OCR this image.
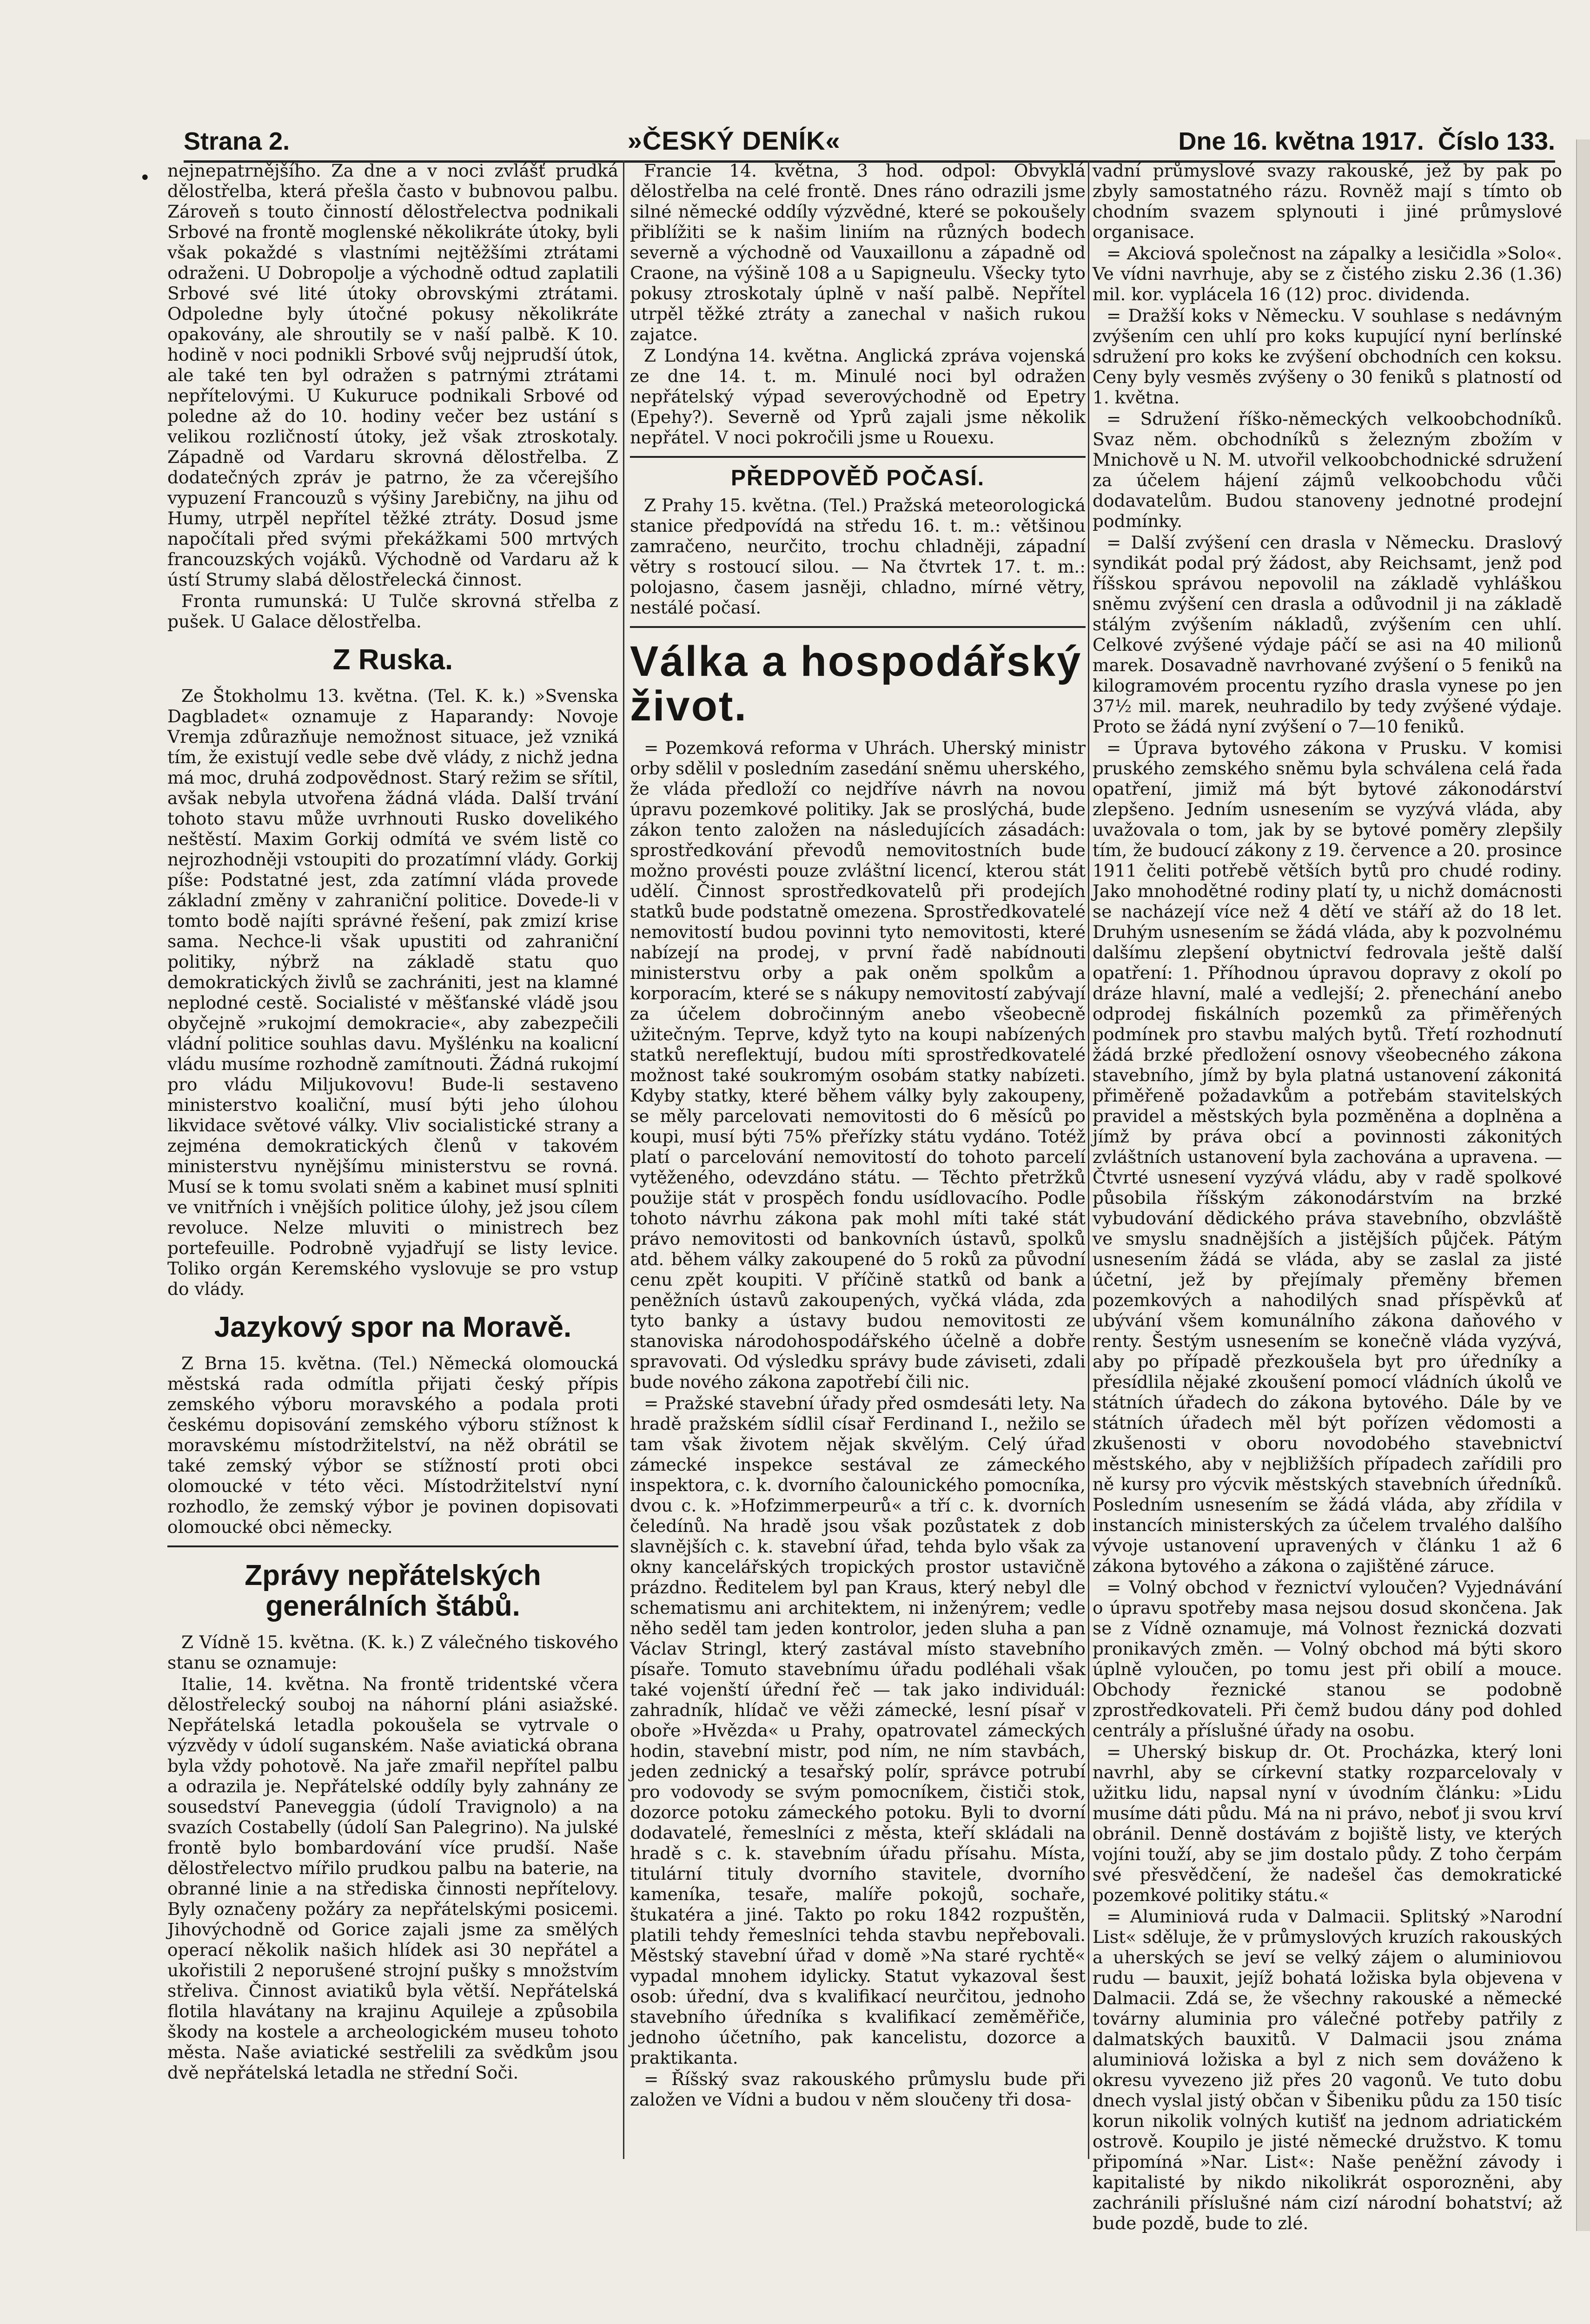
Strana 2.	»ČESKÝ DENÍK«	Dne 16. května 1917. Číslo 133.
• nejnepatrnějšího. Za dne a v noci zvlášť prudká dělostřelba, která přešla často v bubnovou palbu. Zároveň s touto činností dělostřelectva podnikali Srbové na frontě moglenské několikráte útoky, byli však pokaždé s vlastními nejtěžšími ztrátami odraženi. U Dobropolje a východně odtud zaplatili Srbové své lité útoky obrovskými ztrátami. Odpoledne byly útočné pokusy několikráte opakovány, ale shroutily se v naší palbě. K 10. hodině v noci podnikli Srbové svůj nejprudší útok, ale také ten byl odražen s patrnými ztrátami nepřítelovými. U Kukuruce podnikali Srbové od poledne až do 10. hodiny večer bez ustání s velikou rozličností útoky, jež však ztroskotaly. Západně od Vardaru skrovná dělostřelba. Z dodatečných zpráv je patrno, že za včerejšího vypuzení Francouzů s výšiny Jarebičny, na jihu od Humy, utrpěl nepřítel těžké ztráty. Dosud jsme napočítali před svými překážkami 500 mrtvých francouzských vojáků. Východně od Vardaru až k ústí Strumy slabá dělostřelecká činnost.

Fronta rumunská: U Tulče skrovná střelba z pušek. U Galace dělostřelba.

Z Ruska.

Ze Štokholmu 13. května. (Tel. K. k.) »Svenska Dagbladet« oznamuje z Haparandy: Novoje Vremja zdůrazňuje nemožnost situace, jež vzniká tím, že existují vedle sebe dvě vlády, z nichž jedna má moc, druhá zodpovědnost. Starý režim se sřítil, avšak nebyla utvořena žádná vláda. Další trvání tohoto stavu může uvrhnouti Rusko dovelikého neštěstí. Maxim Gorkij odmítá ve svém listě co nejrozhodněji vstoupiti do prozatímní vlády. Gorkij píše: Podstatné jest, zda zatímní vláda provede základní změny v zahraniční politice. Dovede-li v tomto bodě najíti správné řešení, pak zmizí krise sama. Nechce-li však upustiti od zahraniční politiky, nýbrž na základě statu quo demokratických živlů se zachrániti, jest na klamné neplodné cestě. Socialisté v měšťanské vládě jsou obyčejně »rukojmí demokracie«, aby zabezpečili vládní politice souhlas davu. Myšlénku na koalicní vládu musíme rozhodně zamítnouti. Žádná rukojmí pro vládu Miljukovovu! Bude-li sestaveno ministerstvo koaliční, musí býti jeho úlohou likvidace světové války. Vliv socialistické strany a zejména demokratických členů v takovém ministerstvu nynějšímu ministerstvu se rovná. Musí se k tomu svolati sněm a kabinet musí splniti ve vnitřních i vnějších politice úlohy, jež jsou cílem revoluce. Nelze mluviti o ministrech bez portefeuille. Podrobně vyjadřují se listy levice. Toliko orgán Keremského vyslovuje se pro vstup do vlády.

Jazykový spor na Moravě.

Z Brna 15. května. (Tel.) Německá olomoucká městská rada odmítla přijati český přípis zemského výboru moravského a podala proti českému dopisování zemského výboru stížnost k moravskému místodržitelství, na něž obrátil se také zemský výbor se stížností proti obci olomoucké v této věci. Místodržitelství nyní rozhodlo, že zemský výbor je povinen dopisovati olomoucké obci německy.

Zprávy nepřátelských generálních štábů.

Z Vídně 15. května. (K. k.) Z válečného tiskového stanu se oznamuje:

Italie, 14. května. Na frontě tridentské včera dělostřelecký souboj na náhorní pláni asiažské. Nepřátelská letadla pokoušela se vytrvale o výzvědy v údolí suganském. Naše aviatická obrana byla vždy pohotově. Na jaře zmařil nepřítel palbu a odrazila je. Nepřátelské oddíly byly zahnány ze sousedství Paneveggia (údolí Travignolo) a na svazích Costabelly (údolí San Palegrino). Na julské frontě bylo bombardování více prudší. Naše dělostřelectvo mířilo prudkou palbu na baterie, na obranné linie a na střediska činnosti nepřítelovy. Byly označeny požáry za nepřátelskými posicemi. Jihovýchodně od Gorice zajali jsme za smělých operací několik našich hlídek asi 30 nepřátel a ukořistili 2 neporušené strojní pušky s množstvím střeliva. Činnost aviatiků byla větší. Nepřátelská flotila hlavátany na krajinu Aquileje a způsobila škody na kostele a archeologickém museu tohoto města. Naše aviatické sestřelili za svědkům jsou dvě nepřátelská letadla ne střední Soči.

Francie 14. května, 3 hod. odpol: Obvyklá dělostřelba na celé frontě. Dnes ráno odrazili jsme silné německé oddíly výzvědné, které se pokoušely přiblížiti se k našim liniím na různých bodech severně a východně od Vauxaillonu a západně od Craone, na výšině 108 a u Sapigneulu. Všecky tyto pokusy ztroskotaly úplně v naší palbě. Nepřítel utrpěl těžké ztráty a zanechal v našich rukou zajatce.

Z Londýna 14. května. Anglická zpráva vojenská ze dne 14. t. m. Minulé noci byl odražen nepřátelský výpad severovýchodně od Epetry (Epehy?). Severně od Yprů zajali jsme několik nepřátel. V noci pokročili jsme u Rouexu.

PŘEDPOVĚĎ POČASÍ.

Z Prahy 15. května. (Tel.) Pražská meteorologická stanice předpovídá na středu 16. t. m.: většinou zamračeno, neurčito, trochu chladněji, západní větry s rostoucí silou. — Na čtvrtek 17. t. m.: polojasno, časem jasněji, chladno, mírné větry, nestálé počasí.

Válka a hospodářský život.

= Pozemková reforma v Uhrách. Uherský ministr orby sdělil v posledním zasedání sněmu uherského, že vláda předloží co nejdříve návrh na novou úpravu pozemkové politiky. Jak se proslýchá, bude zákon tento založen na následujících zásadách: sprostředkování převodů nemovitostních bude možno provésti pouze zvláštní licencí, kterou stát udělí. Činnost sprostředkovatelů při prodejích statků bude podstatně omezena. Sprostředkovatelé nemovitostí budou povinni tyto nemovitosti, které nabízejí na prodej, v první řadě nabídnouti ministerstvu orby a pak oněm spolkům a korporacím, které se s nákupy nemovitostí zabývají za účelem dobročinným anebo všeobecně užitečným. Teprve, když tyto na koupi nabízených statků nereflektují, budou míti sprostředkovatelé možnost také soukromým osobám statky nabízeti. Kdyby statky, které během války byly zakoupeny, se měly parcelovati nemovitosti do 6 měsíců po koupi, musí býti 75% přeřízky státu vydáno. Totéž platí o parcelování nemovitostí do tohoto parcelí vytěženého, odevzdáno státu. — Těchto přetržků použije stát v prospěch fondu usídlovacího. Podle tohoto návrhu zákona pak mohl míti také stát právo nemovitosti od bankovních ústavů, spolků atd. během války zakoupené do 5 roků za původní cenu zpět koupiti. V příčině statků od bank a peněžních ústavů zakoupených, vyčká vláda, zda tyto banky a ústavy budou nemovitosti ze stanoviska národohospodářského účelně a dobře spravovati. Od výsledku správy bude záviseti, zdali bude nového zákona zapotřebí čili nic.

= Pražské stavební úřady před osmdesáti lety. Na hradě pražském sídlil císař Ferdinand I., nežilo se tam však životem nějak skvělým. Celý úřad zámecké inspekce sestával ze zámeckého inspektora, c. k. dvorního čalounického pomocníka, dvou c. k. »Hofzimmerpeurů« a tří c. k. dvorních čeledínů. Na hradě jsou však pozůstatek z dob slavnějších c. k. stavební úřad, tehda bylo však za okny kancelářských tropických prostor ustavičně prázdno. Ředitelem byl pan Kraus, který nebyl dle schematismu ani architektem, ni inženýrem; vedle něho seděl tam jeden kontrolor, jeden sluha a pan Václav Stringl, který zastával místo stavebního písaře. Tomuto stavebnímu úřadu podléhali však také vojenští úřední řeč — tak jako individuál: zahradník, hlídač ve věži zámecké, lesní písař v oboře »Hvězda« u Prahy, opatrovatel zámeckých hodin, stavební mistr, pod ním, ne ním stavbách, jeden zednický a tesařský polír, správce potrubí pro vodovody se svým pomocníkem, čističi stok, dozorce potoku zámeckého potoku. Byli to dvorní dodavatelé, řemeslníci z města, kteří skládali na hradě s c. k. stavebním úřadu přísahu. Místa, titulární tituly dvorního stavitele, dvorního kameníka, tesaře, malíře pokojů, sochaře, štukatéra a jiné. Takto po roku 1842 rozpuštěn, platili tehdy řemeslníci tehda stavbu nepřebovali. Městský stavební úřad v domě »Na staré rychtě« vypadal mnohem idylicky. Statut vykazoval šest osob: úřední, dva s kvalifikací neurčitou, jednoho stavebního úředníka s kvalifikací zeměměřiče, jednoho účetního, pak kancelistu, dozorce a praktikanta.

= Říšský svaz rakouského průmyslu bude při založen ve Vídni a budou v něm sloučeny tři dosa-

vadní průmyslové svazy rakouské, jež by pak po zbyly samostatného rázu. Rovněž mají s tímto ob chodním svazem splynouti i jiné průmyslové organisace.

= Akciová společnost na zápalky a lesičidla »Solo«. Ve vídni navrhuje, aby se z čistého zisku 2.36 (1.36) mil. kor. vyplácela 16 (12) proc. dividenda.

= Dražší koks v Německu. V souhlase s nedávným zvýšením cen uhlí pro koks kupující nyní berlínské sdružení pro koks ke zvýšení obchodních cen koksu. Ceny byly vesměs zvýšeny o 30 feniků s platností od 1. května.

= Sdružení říško-německých velkoobchodníků. Svaz něm. obchodníků s železným zbožím v Mnichově u N. M. utvořil velkoobchodnické sdružení za účelem hájení zájmů velkoobchodu vůči dodavatelům. Budou stanoveny jednotné prodejní podmínky.

= Další zvýšení cen drasla v Německu. Draslový syndikát podal prý žádost, aby Reichsamt, jenž pod říšskou správou nepovolil na základě vyhláškou sněmu zvýšení cen drasla a odůvodnil ji na základě stálým zvýšením nákladů, zvýšením cen uhlí. Celkové zvýšené výdaje páčí se asi na 40 milionů marek. Dosavadně navrhované zvýšení o 5 feniků na kilogramovém procentu ryzího drasla vynese po jen 37½ mil. marek, neuhradilo by tedy zvýšené výdaje. Proto se žádá nyní zvýšení o 7—10 feniků.

= Úprava bytového zákona v Prusku. V komisi pruského zemského sněmu byla schválena celá řada opatření, jimiž má být bytové zákonodárství zlepšeno. Jedním usnesením se vyzývá vláda, aby uvažovala o tom, jak by se bytové poměry zlepšily tím, že budoucí zákony z 19. července a 20. prosince 1911 čeliti potřebě větších bytů pro chudé rodiny. Jako mnohodětné rodiny platí ty, u nichž domácnosti se nacházejí více než 4 dětí ve stáří až do 18 let. Druhým usnesením se žádá vláda, aby k pozvolnému dalšímu zlepšení obytnictví fedrovala ještě další opatření: 1. Příhodnou úpravou dopravy z okolí po dráze hlavní, malé a vedlejší; 2. přenechání anebo odprodej fiskálních pozemků za přiměřených podmínek pro stavbu malých bytů. Třetí rozhodnutí žádá brzké předložení osnovy všeobecného zákona stavebního, jímž by byla platná ustanovení zákonitá přiměřeně požadavkům a potřebám stavitelských pravidel a městských byla pozměněna a doplněna a jímž by práva obcí a povinnosti zákonitých zvláštních ustanovení byla zachována a upravena. — Čtvrté usnesení vyzývá vládu, aby v radě spolkové působila říšským zákonodárstvím na brzké vybudování dědického práva stavebního, obzvláště ve smyslu snadnějších a jistějších půjček. Pátým usnesením žádá se vláda, aby se zaslal za jisté účetní, jež by přejímaly přeměny břemen pozemkových a nahodilých snad příspěvků ať ubývání všem komunálního zákona daňového v renty. Šestým usnesením se konečně vláda vyzývá, aby po případě přezkoušela byt pro úředníky a přesídlila nějaké zkoušení pomocí vládních úkolů ve státních úřadech do zákona bytového. Dále by ve státních úřadech měl být pořízen vědomosti a zkušenosti v oboru novodobého stavebnictví městského, aby v nejbližších případech zařídili pro ně kursy pro výcvik městských stavebních úředníků. Posledním usnesením se žádá vláda, aby zřídila v instancích ministerských za účelem trvalého dalšího vývoje ustanovení upravených v článku 1 až 6 zákona bytového a zákona o zajištěné záruce.

= Volný obchod v řeznictví vyloučen? Vyjednávání o úpravu spotřeby masa nejsou dosud skončena. Jak se z Vídně oznamuje, má Volnost řeznická dozvati pronikavých změn. — Volný obchod má býti skoro úplně vyloučen, po tomu jest při obilí a mouce. Obchody řeznické stanou se podobně zprostředkovateli. Při čemž budou dány pod dohled centrály a příslušné úřady na osobu.

= Uherský biskup dr. Ot. Procházka, který loni navrhl, aby se církevní statky rozparcelovaly v užitku lidu, napsal nyní v úvodním článku: »Lidu musíme dáti půdu. Má na ni právo, neboť ji svou krví obránil. Denně dostávám z bojiště listy, ve kterých vojíni touží, aby se jim dostalo půdy. Z toho čerpám své přesvědčení, že nadešel čas demokratické pozemkové politiky státu.«

= Aluminiová ruda v Dalmacii. Splitský »Narodní List« sděluje, že v průmyslových kruzích rakouských a uherských se jeví se velký zájem o aluminiovou rudu — bauxit, jejíž bohatá ložiska byla objevena v Dalmacii. Zdá se, že všechny rakouské a německé továrny aluminia pro válečné potřeby patřily z dalmatských bauxitů. V Dalmacii jsou známa aluminiová ložiska a byl z nich sem dováženo k okresu vyvezeno již přes 20 vagonů. Ve tuto dobu dnech vyslal jistý občan v Šibeniku půdu za 150 tisíc korun nikolik volných kutišť na jednom adriatickém ostrově. Koupilo je jisté německé družstvo. K tomu připomíná »Nar. List«: Naše peněžní závody i kapitalisté by nikdo nikolikrát osporozněni, aby zachránili příslušné nám cizí národní bohatství; až bude pozdě, bude to zlé.
